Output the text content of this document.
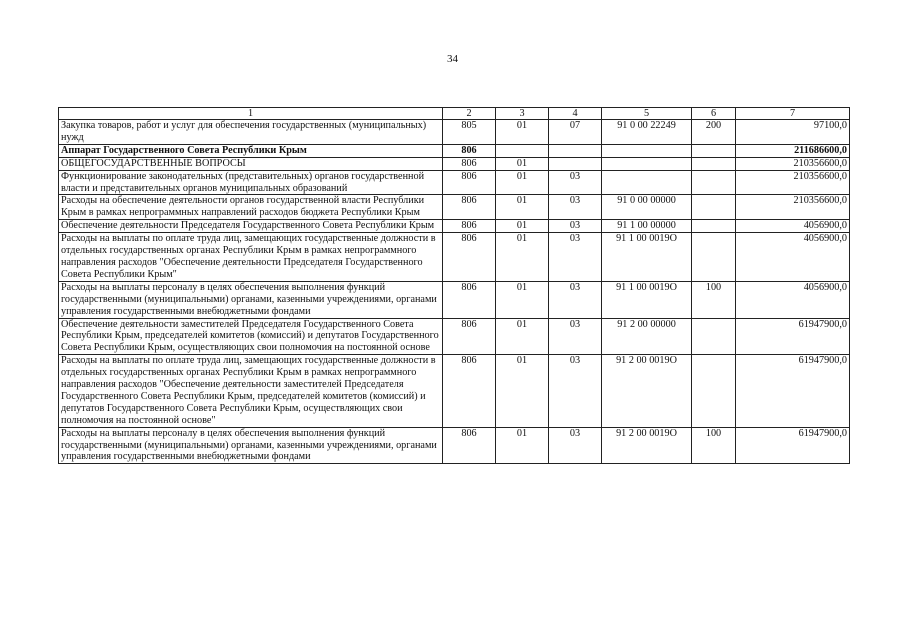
34
1	2	3	4	5	6	7
Закупка товаров, работ и услуг для обеспечения государственных (муниципальных) нужд	805	01	07	91 0 00 22249	200	97100,0
Аппарат Государственного Совета Республики Крым	806					211686600,0
ОБЩЕГОСУДАРСТВЕННЫЕ ВОПРОСЫ	806	01				210356600,0
Функционирование законодательных (представительных) органов государственной власти и представительных органов муниципальных образований	806	01	03			210356600,0
Расходы на обеспечение деятельности органов государственной власти Республики Крым в рамках непрограммных направлений расходов бюджета Республики Крым	806	01	03	91 0 00 00000		210356600,0
Обеспечение деятельности Председателя Государственного Совета Республики Крым	806	01	03	91 1 00 00000		4056900,0
Расходы на выплаты по оплате труда лиц, замещающих государственные должности в отдельных государственных органах Республики Крым в рамках непрограммного направления расходов "Обеспечение деятельности Председателя Государственного Совета Республики Крым"	806	01	03	91 1 00 0019О		4056900,0
Расходы на выплаты персоналу в целях обеспечения выполнения функций государственными (муниципальными) органами, казенными учреждениями, органами управления государственными внебюджетными фондами	806	01	03	91 1 00 0019О	100	4056900,0
Обеспечение деятельности заместителей Председателя Государственного Совета Республики Крым, председателей комитетов (комиссий) и депутатов Государственного Совета Республики Крым, осуществляющих свои полномочия на постоянной основе	806	01	03	91 2 00 00000		61947900,0
Расходы на выплаты по оплате труда лиц, замещающих государственные должности в отдельных государственных органах Республики Крым в рамках непрограммного направления расходов "Обеспечение деятельности заместителей Председателя Государственного Совета Республики Крым, председателей комитетов (комиссий) и депутатов Государственного Совета Республики Крым, осуществляющих свои полномочия на постоянной основе"	806	01	03	91 2 00 0019О		61947900,0
Расходы на выплаты персоналу в целях обеспечения выполнения функций государственными (муниципальными) органами, казенными учреждениями, органами управления государственными внебюджетными фондами	806	01	03	91 2 00 0019О	100	61947900,0
